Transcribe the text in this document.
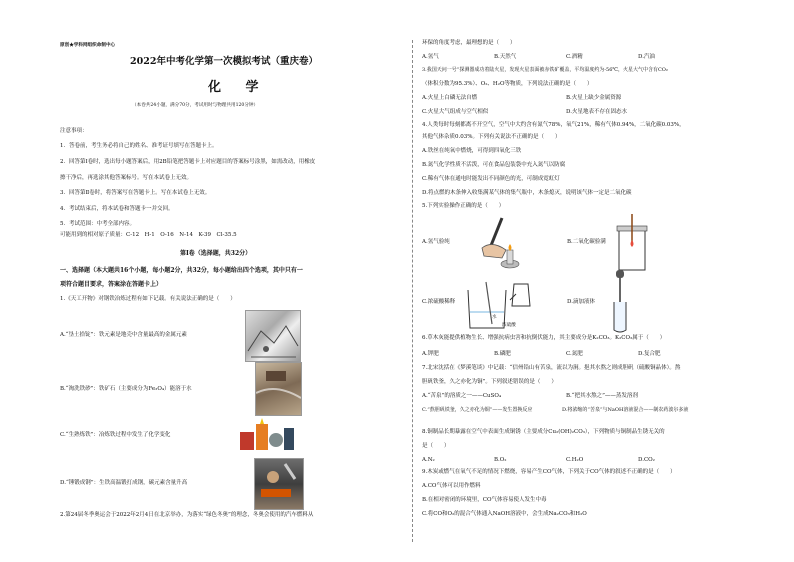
原创★学科网组织命制中心
2022年中考化学第一次模拟考试（重庆卷）
化 学
（本卷共24小题，满分70分，考试用时与物理共用120分钟）
注意事项：
1．答卷前，考生务必将自己的姓名、准考证号填写在答题卡上。
2．回答第Ⅰ卷时，选出每小题答案后，用2B铅笔把答题卡上对应题目的答案标号涂黑，如需改动，用橡皮
擦干净后，再选涂其他答案标号。写在本试卷上无效。
3．回答第Ⅱ卷时，将答案写在答题卡上。写在本试卷上无效。
4．考试结束后，将本试卷和答题卡一并交回。
5．考试范围：中考全部内容。
可能用到的相对原子质量：C-12　H-1　O-16　N-14　K-39　Cl-35.5
第Ⅰ卷（选择题，共32分）
一、选择题（本大题共16个小题，每小题2分，共32分，每小题给出四个选项，其中只有一
项符合题目要求，答案涂在答题卡上）
1.《天工开物》对钢铁冶炼过程有如下记载。有关说法正确的是（　　）
A.“垦土拾锭”：铁元素是地壳中含量最高的金属元素
B.“淘洗铁砂”：铁矿石（主要成分为Fe₃O₄）能溶于水
C.“生熟炼铁”：冶炼铁过程中发生了化学变化
D.“锤锻成钢”：生铁高温锻打成钢，碳元素含量升高
2.第24届冬季奥运会于2022年2月4日在北京举办，为落实“绿色冬奥”的理念，冬奥会使用的汽车燃料从
环保的角度考虑，最理想的是（　　）
A.氢气	B.天然气	C.酒精	D.汽油
3.我国天问一号“探测器成功着陆火星，发现火星表面被赤铁矿覆盖，平均温度约为-56℃，火星大气中含有CO₂
（体积分数为95.3%）、O₂、H₂O等物质，下列说法正确的是（　　）
A.火星上白磷无法自燃	B.火星上缺少金属资源
C.火星大气组成与空气相似	D.火星地表不存在固态水
4.人类每时每刻都离不开空气，空气中大约含有氮气78%，氧气21%，稀有气体0.94%，二氧化碳0.03%，
其他气体杂质0.03%。下列有关说法不正确的是（　　）
A.铁丝在纯氧中燃烧，可得到四氧化三铁
B.氮气化学性质不活泼，可在食品包装袋中充入氮气以防腐
C.稀有气体在通电时能发出不同颜色的光，可制成霓虹灯
D.将点燃的木条伸入收集满某气体的集气瓶中，木条熄灭，说明该气体一定是二氧化碳
5.下列实验操作正确的是（　　）
A.氢气验纯	B.二氧化碳验满
水
浓硫酸
C.浓硫酸稀释	D.滴加液体
6.草木灰能提供植物生长、增强抗病虫害和抗倒伏能力，其主要成分是K₂CO₃。K₂CO₃属于（　　）
A.钾肥	B.磷肥	C.氮肥	D.复合肥
7.北宋沈括在《梦溪笔谈》中记载：“信州铅山有苦泉，流以为涧。挹其水熬之则成胆矾（硫酸铜晶体）。熬
胆矾铁釜，久之亦化为铜”。下列叙述错误的是（　　）
A.“苦泉”的溶质之一——CuSO₄	B.“把其水熬之”——蒸发溶剂
C.“熬胆矾铁釜，久之亦化为铜”——发生置换反应	D.将浓缩的“苦泉”与NaOH溶液混合——制农药波尔多液
8.铜制品长期暴露在空气中表面生成铜锈（主要成分Cu₂(OH)₂CO₃），下列物质与铜制品生锈无关的
是（　　）
A.N₂	B.O₂	C.H₂O	D.CO₂
9.木炭或燃气在氧气不足的情况下燃烧，容易产生CO气体，下列关于CO气体的叙述不正确的是（　　）
A.CO气体可以用作燃料
B.在相对密闭的环境里，CO气体容易使人发生中毒
C.将CO和O₂的混合气体通入NaOH溶液中，会生成Na₂CO₃和H₂O
